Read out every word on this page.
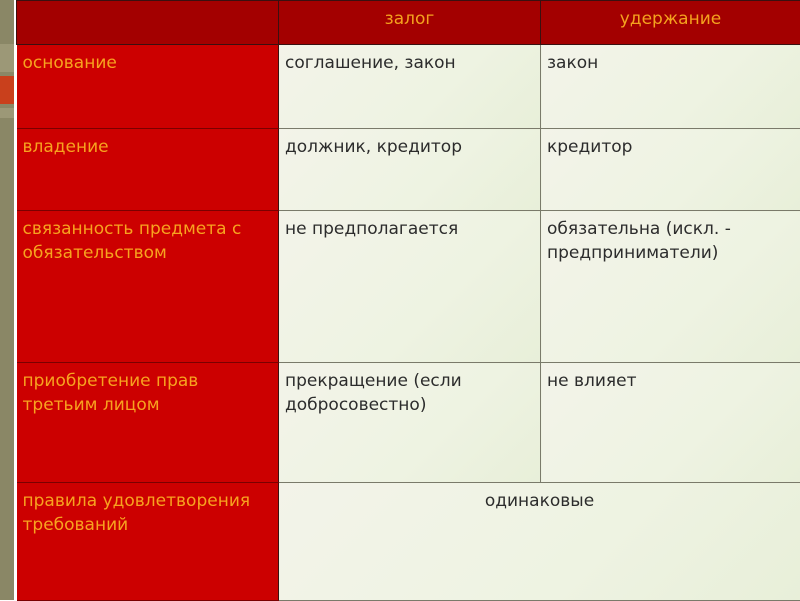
	залог	удержание
основание	соглашение, закон	закон
владение	должник, кредитор	кредитор
связанность предмета с обязательством	не предполагается	обязательна (искл. - предприниматели)
приобретение прав третьим лицом	прекращение (если добросовестно)	не влияет
правила удовлетворения требований	одинаковые	
